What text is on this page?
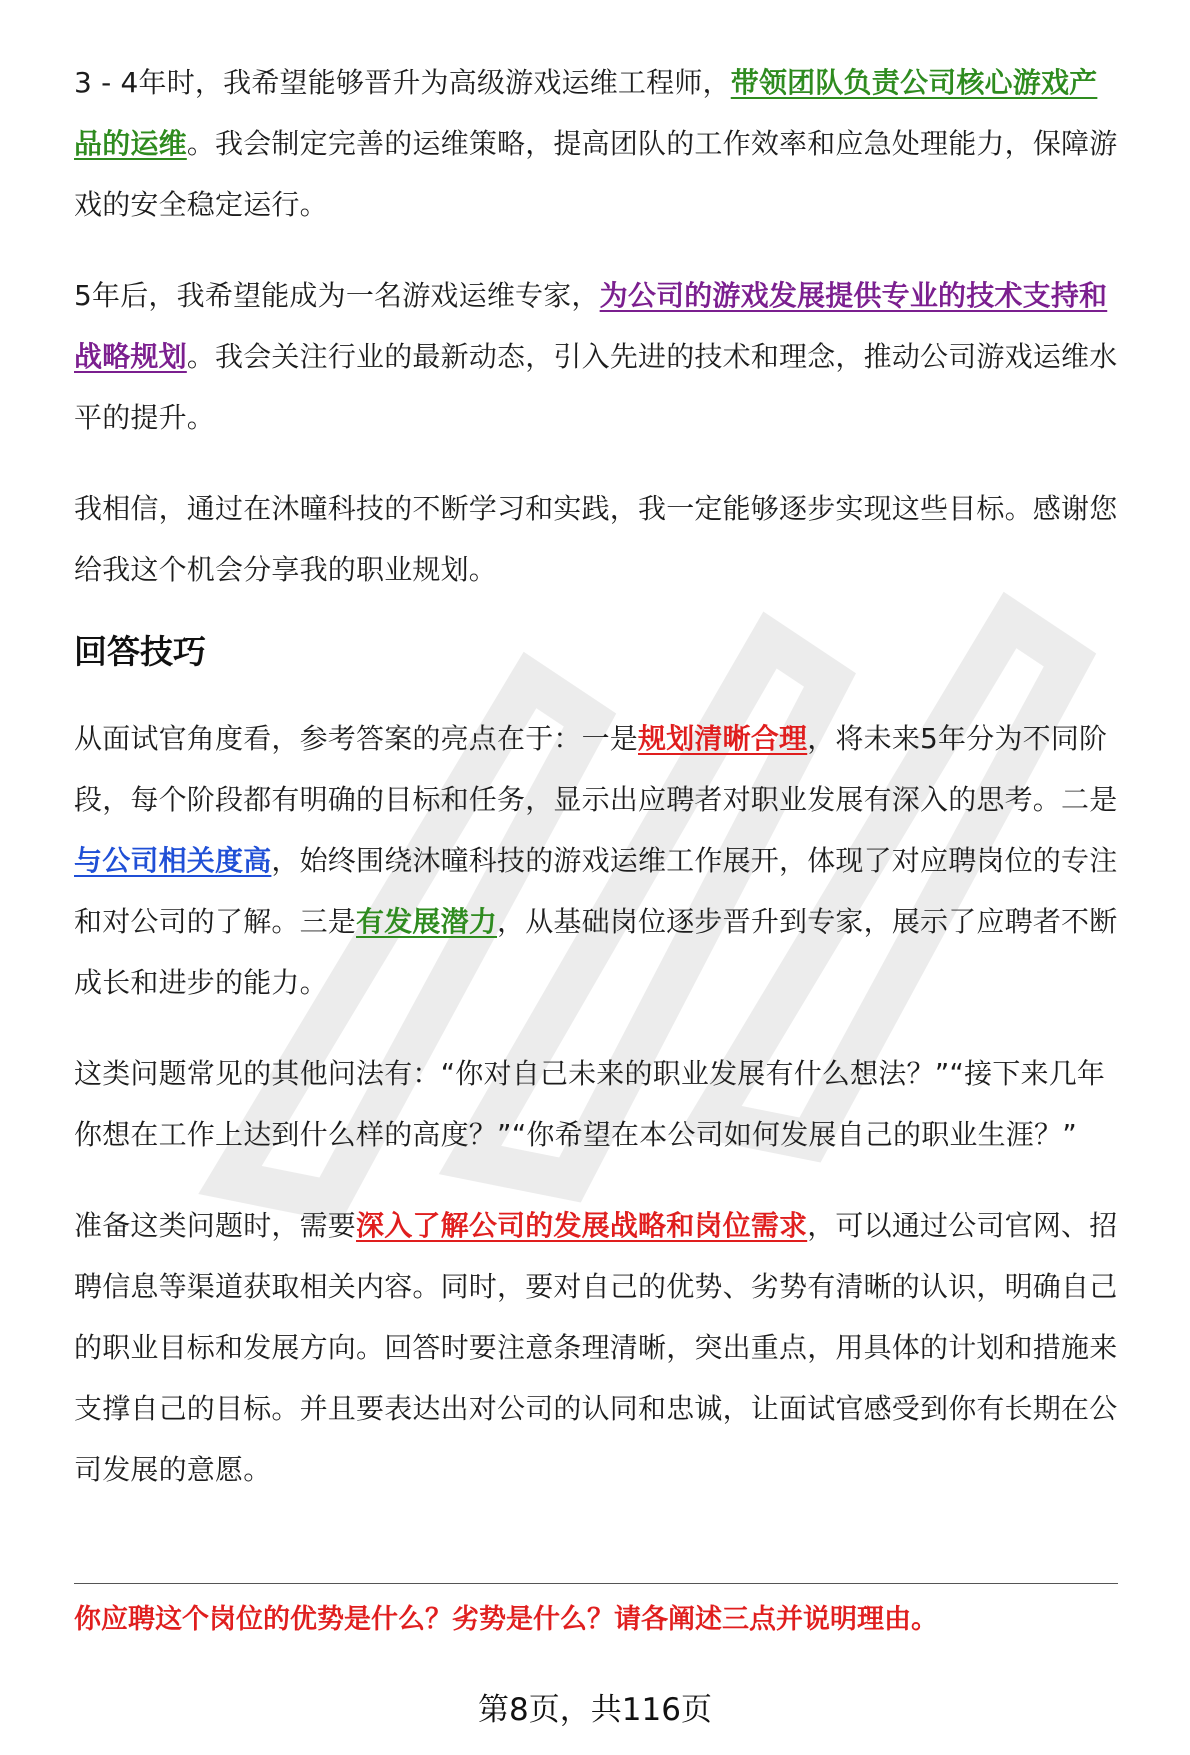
3 - 4年时，我希望能够晋升为高级游戏运维工程师，带领团队负责公司核心游戏产品的运维。我会制定完善的运维策略，提高团队的工作效率和应急处理能力，保障游戏的安全稳定运行。

5年后，我希望能成为一名游戏运维专家，为公司的游戏发展提供专业的技术支持和战略规划。我会关注行业的最新动态，引入先进的技术和理念，推动公司游戏运维水平的提升。

我相信，通过在沐曈科技的不断学习和实践，我一定能够逐步实现这些目标。感谢您给我这个机会分享我的职业规划。

回答技巧

从面试官角度看，参考答案的亮点在于：一是规划清晰合理，将未来5年分为不同阶段，每个阶段都有明确的目标和任务，显示出应聘者对职业发展有深入的思考。二是与公司相关度高，始终围绕沐曈科技的游戏运维工作展开，体现了对应聘岗位的专注和对公司的了解。三是有发展潜力，从基础岗位逐步晋升到专家，展示了应聘者不断成长和进步的能力。

这类问题常见的其他问法有：“你对自己未来的职业发展有什么想法？”“接下来几年你想在工作上达到什么样的高度？”“你希望在本公司如何发展自己的职业生涯？”

准备这类问题时，需要深入了解公司的发展战略和岗位需求，可以通过公司官网、招聘信息等渠道获取相关内容。同时，要对自己的优势、劣势有清晰的认识，明确自己的职业目标和发展方向。回答时要注意条理清晰，突出重点，用具体的计划和措施来支撑自己的目标。并且要表达出对公司的认同和忠诚，让面试官感受到你有长期在公司发展的意愿。

你应聘这个岗位的优势是什么？劣势是什么？请各阐述三点并说明理由。
第8页，共116页
